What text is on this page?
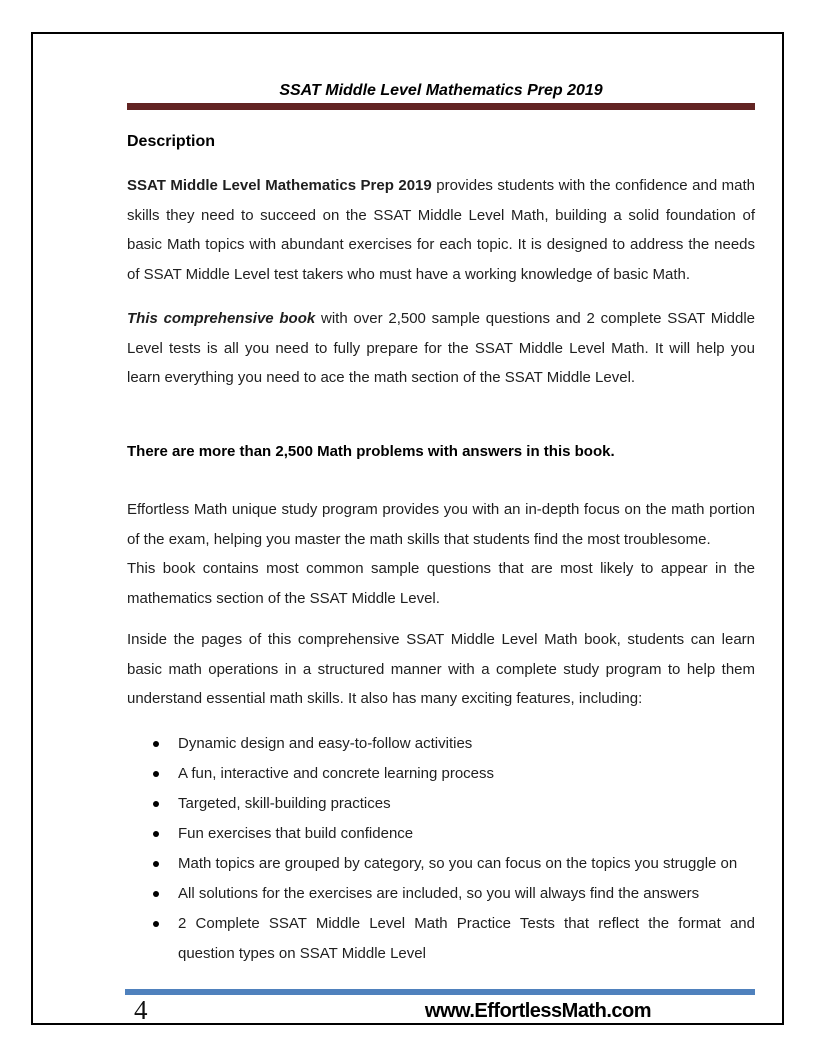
SSAT Middle Level Mathematics Prep 2019
Description

SSAT Middle Level Mathematics Prep 2019 provides students with the confidence and math skills they need to succeed on the SSAT Middle Level Math, building a solid foundation of basic Math topics with abundant exercises for each topic. It is designed to address the needs of SSAT Middle Level test takers who must have a working knowledge of basic Math.

This comprehensive book with over 2,500 sample questions and 2 complete SSAT Middle Level tests is all you need to fully prepare for the SSAT Middle Level Math. It will help you learn everything you need to ace the math section of the SSAT Middle Level.

There are more than 2,500 Math problems with answers in this book.
Effortless Math unique study program provides you with an in-depth focus on the math portion of the exam, helping you master the math skills that students find the most troublesome.
This book contains most common sample questions that are most likely to appear in the mathematics section of the SSAT Middle Level.

Inside the pages of this comprehensive SSAT Middle Level Math book, students can learn basic math operations in a structured manner with a complete study program to help them understand essential math skills. It also has many exciting features, including:

Dynamic design and easy-to-follow activities
A fun, interactive and concrete learning process
Targeted, skill-building practices
Fun exercises that build confidence
Math topics are grouped by category, so you can focus on the topics you struggle on
All solutions for the exercises are included, so you will always find the answers
2 Complete SSAT Middle Level Math Practice Tests that reflect the format and question types on SSAT Middle Level
4	www.EffortlessMath.com
